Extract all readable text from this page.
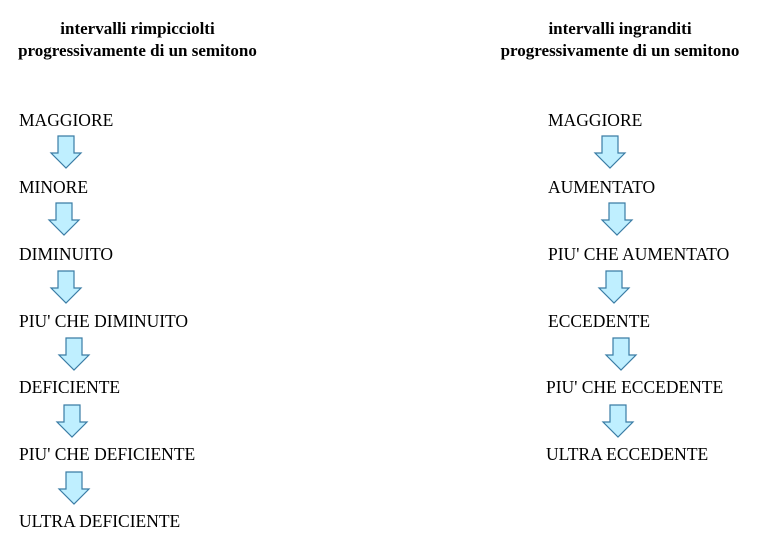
intervalli rimpicciolti
progressivamente di un semitono
intervalli ingranditi
progressivamente di un semitono
MAGGIORE
MINORE
DIMINUITO
PIU' CHE DIMINUITO
DEFICIENTE
PIU' CHE DEFICIENTE
ULTRA DEFICIENTE
MAGGIORE
AUMENTATO
PIU' CHE AUMENTATO
ECCEDENTE
PIU' CHE ECCEDENTE
ULTRA ECCEDENTE
